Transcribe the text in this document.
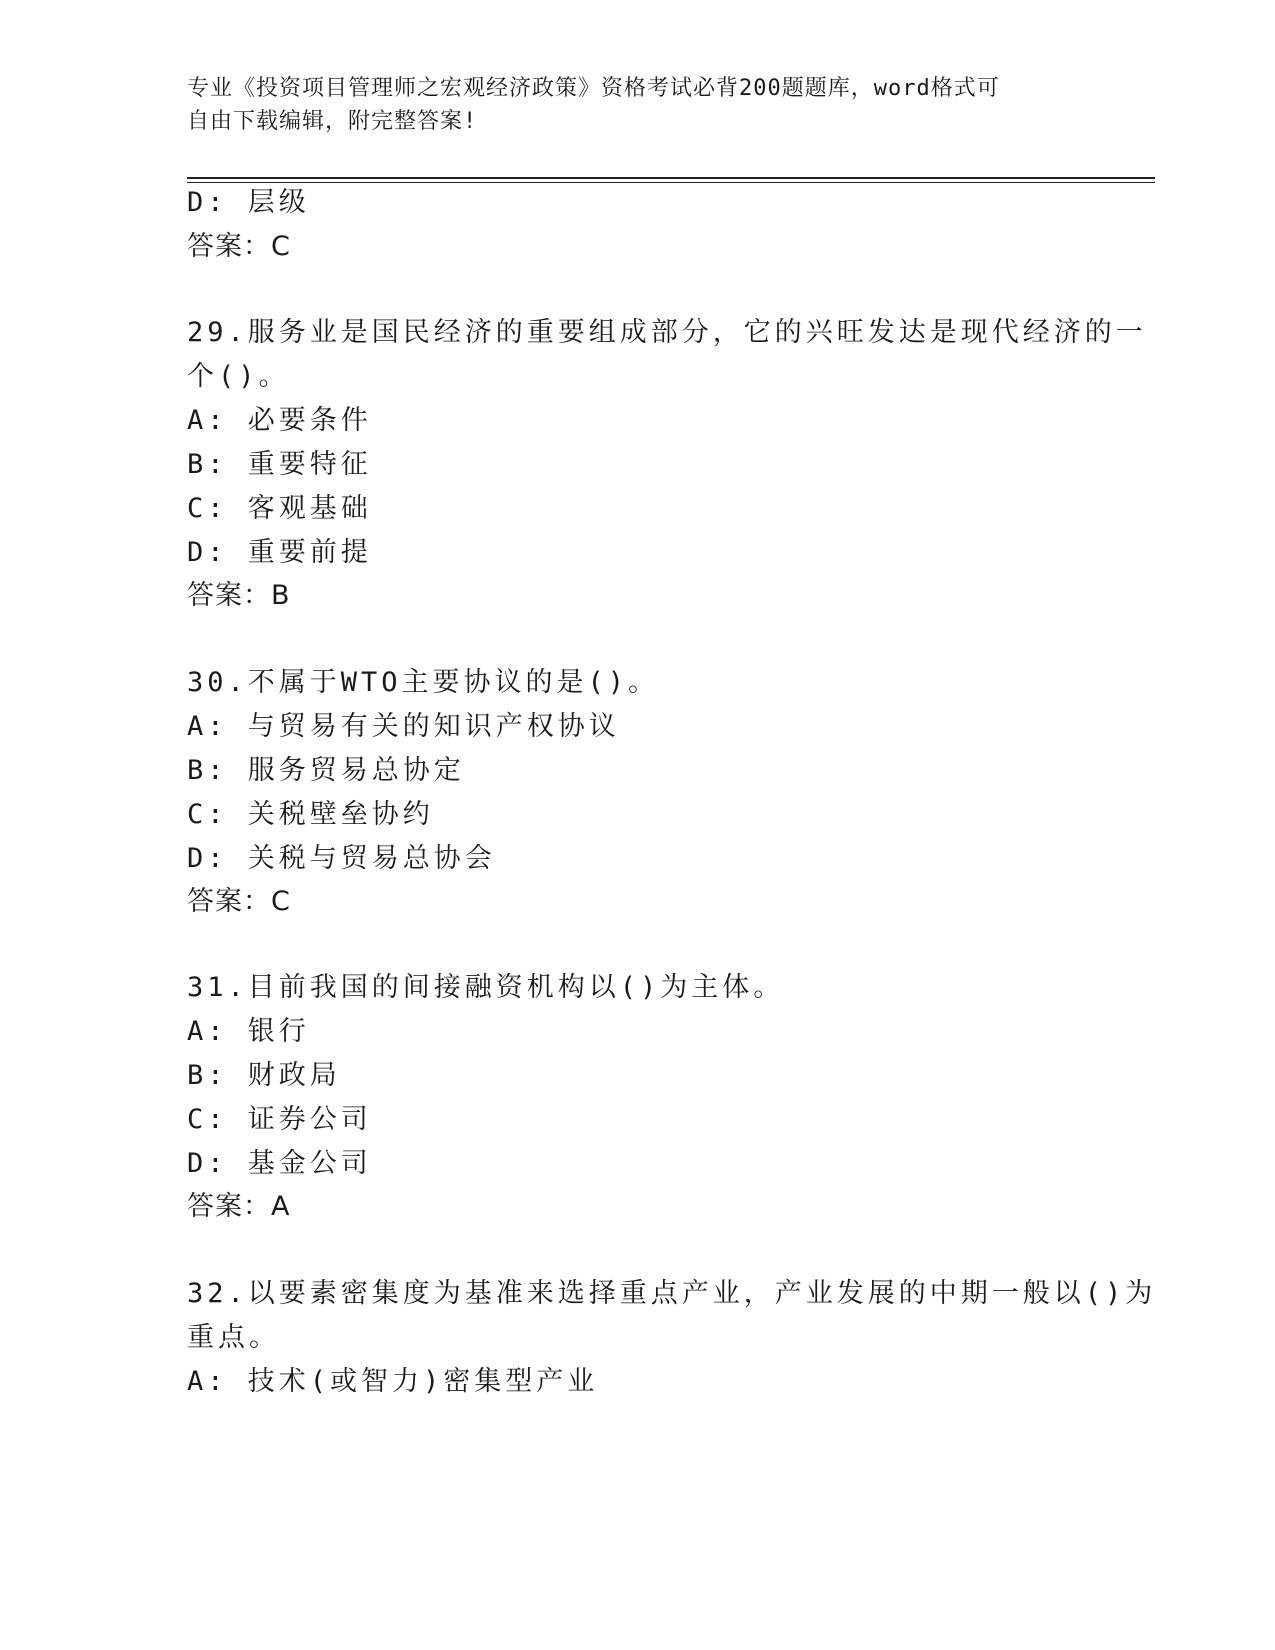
专业《投资项目管理师之宏观经济政策》资格考试必背200题题库，word格式可
自由下载编辑，附完整答案!
D: 层级
答案：C
29.服务业是国民经济的重要组成部分，它的兴旺发达是现代经济的一
个()。
A: 必要条件
B: 重要特征
C: 客观基础
D: 重要前提
答案：B
30.不属于WTO主要协议的是()。
A: 与贸易有关的知识产权协议
B: 服务贸易总协定
C: 关税壁垒协约
D: 关税与贸易总协会
答案：C
31.目前我国的间接融资机构以()为主体。
A: 银行
B: 财政局
C: 证券公司
D: 基金公司
答案：A
32.以要素密集度为基准来选择重点产业，产业发展的中期一般以()为
重点。
A: 技术(或智力)密集型产业
